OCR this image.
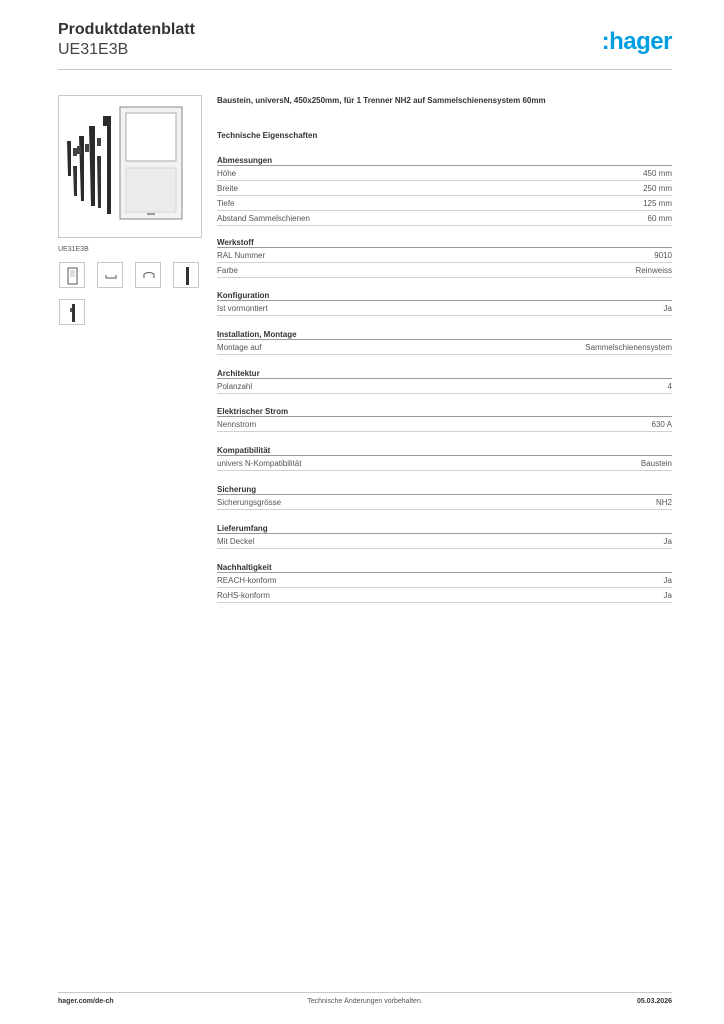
Produktdatenblatt
UE31E3B	:hager
UE31E3B
Baustein, universN, 450x250mm, für 1 Trenner NH2 auf Sammelschienensystem 60mm
Technische Eigenschaften
Abmessungen
Höhe	450 mm
Breite	250 mm
Tiefe	125 mm
Abstand Sammelschienen	60 mm
Werkstoff
RAL Nummer	9010
Farbe	Reinweiss
Konfiguration
Ist vormontiert	Ja
Installation, Montage
Montage auf	Sammelschienensystem
Architektur
Polanzahl	4
Elektrischer Strom
Nennstrom	630 A
Kompatibilität
univers N-Kompatibilität	Baustein
Sicherung
Sicherungsgrösse	NH2
Lieferumfang
Mit Deckel	Ja
Nachhaltigkeit
REACH-konform	Ja
RoHS-konform	Ja
Technische Änderungen vorbehalten.
hager.com/de-ch	05.03.2026
